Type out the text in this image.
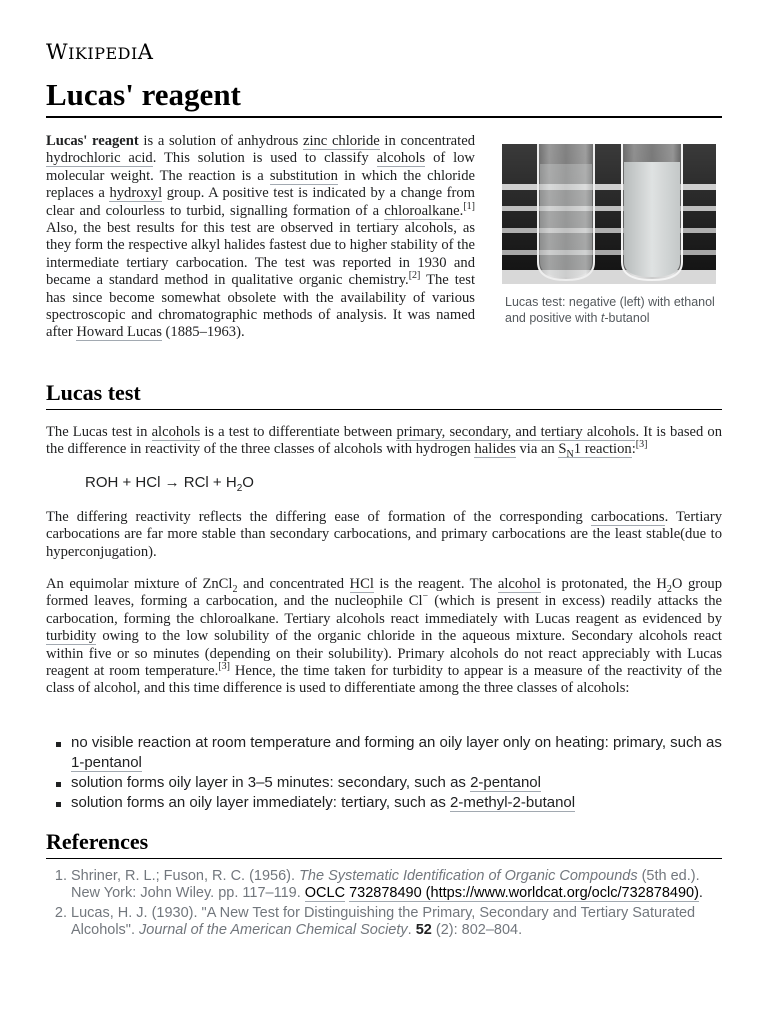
WIKIPEDIA
Lucas' reagent

Lucas' reagent is a solution of anhydrous zinc chloride in concentrated hydrochloric acid. This solution is used to classify alcohols of low molecular weight. The reaction is a substitution in which the chloride replaces a hydroxyl group. A positive test is indicated by a change from clear and colourless to turbid, signalling formation of a chloroalkane.[1] Also, the best results for this test are observed in tertiary alcohols, as they form the respective alkyl halides fastest due to higher stability of the intermediate tertiary carbocation. The test was reported in 1930 and became a standard method in qualitative organic chemistry.[2] The test has since become somewhat obsolete with the availability of various spectroscopic and chromatographic methods of analysis. It was named after Howard Lucas (1885–1963).

Lucas test: negative (left) with ethanol and positive with t-butanol
Lucas test

The Lucas test in alcohols is a test to differentiate between primary, secondary, and tertiary alcohols. It is based on the difference in reactivity of the three classes of alcohols with hydrogen halides via an $S_N1$ reaction:[3]

ROH + HCl → RCl + $H_2O$

The differing reactivity reflects the differing ease of formation of the corresponding carbocations. Tertiary carbocations are far more stable than secondary carbocations, and primary carbocations are the least stable(due to hyperconjugation).

An equimolar mixture of ZnCl$_2$ and concentrated HCl is the reagent. The alcohol is protonated, the $H_2O$ group formed leaves, forming a carbocation, and the nucleophile Cl− (which is present in excess) readily attacks the carbocation, forming the chloroalkane. Tertiary alcohols react immediately with Lucas reagent as evidenced by turbidity owing to the low solubility of the organic chloride in the aqueous mixture. Secondary alcohols react within five or so minutes (depending on their solubility). Primary alcohols do not react appreciably with Lucas reagent at room temperature.[3] Hence, the time taken for turbidity to appear is a measure of the reactivity of the class of alcohol, and this time difference is used to differentiate among the three classes of alcohols:

no visible reaction at room temperature and forming an oily layer only on heating: primary, such as 1-pentanol
solution forms oily layer in 3–5 minutes: secondary, such as 2-pentanol
solution forms an oily layer immediately: tertiary, such as 2-methyl-2-butanol
References
1. Shriner, R. L.; Fuson, R. C. (1956). The Systematic Identification of Organic Compounds (5th ed.). New York: John Wiley. pp. 117–119. OCLC 732878490 (https://www.worldcat.org/oclc/732878490).
2. Lucas, H. J. (1930). "A New Test for Distinguishing the Primary, Secondary and Tertiary Saturated Alcohols". Journal of the American Chemical Society. 52 (2): 802–804.
